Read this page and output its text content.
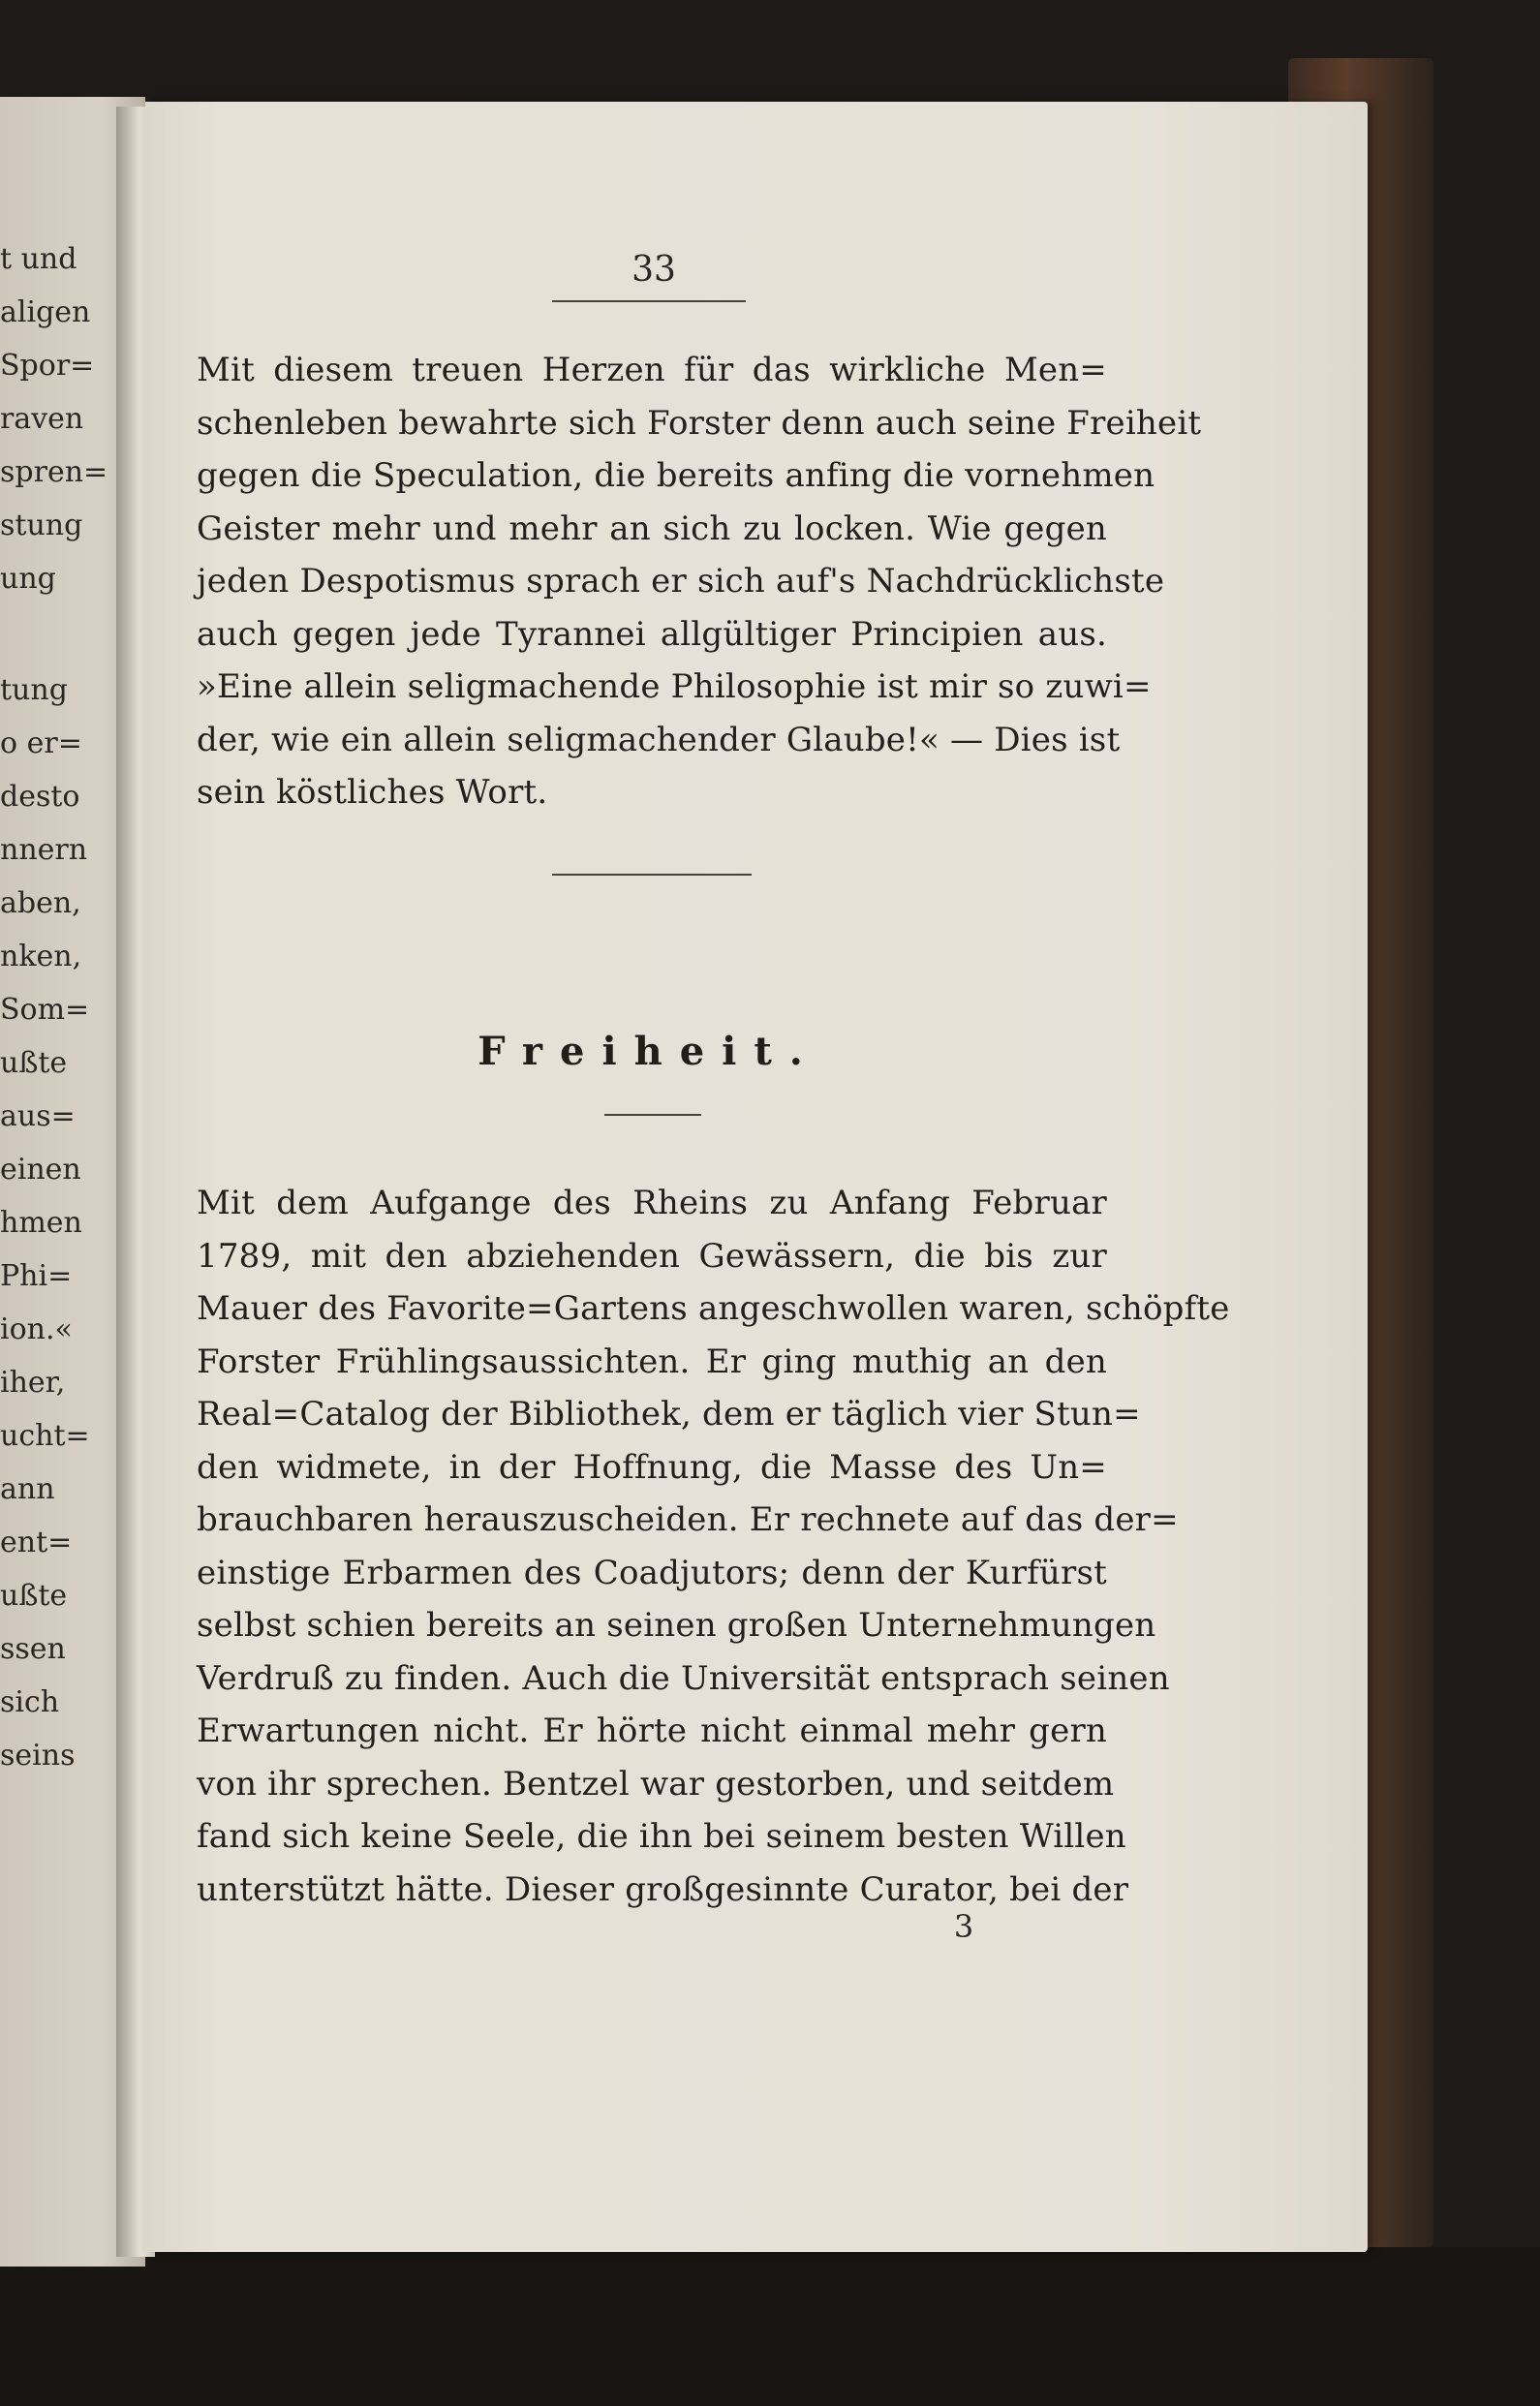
t und
aligen
Spor=
raven
spren=
stung
ung
tung
o er=
desto
nnern
aben,
nken,
Som=
ußte
aus=
einen
hmen
Phi=
ion.«
iher,
ucht=
ann
ent=
ußte
ssen
sich
seins
33
Mit diesem treuen Herzen für das wirkliche Men=
schenleben bewahrte sich Forster denn auch seine Freiheit
gegen die Speculation, die bereits anfing die vornehmen
Geister mehr und mehr an sich zu locken. Wie gegen
jeden Despotismus sprach er sich auf's Nachdrücklichste
auch gegen jede Tyrannei allgültiger Principien aus.
»Eine allein seligmachende Philosophie ist mir so zuwi=
der, wie ein allein seligmachender Glaube!« — Dies ist
sein köstliches Wort.
Freiheit.
Mit dem Aufgange des Rheins zu Anfang Februar
1789, mit den abziehenden Gewässern, die bis zur
Mauer des Favorite=Gartens angeschwollen waren, schöpfte
Forster Frühlingsaussichten. Er ging muthig an den
Real=Catalog der Bibliothek, dem er täglich vier Stun=
den widmete, in der Hoffnung, die Masse des Un=
brauchbaren herauszuscheiden. Er rechnete auf das der=
einstige Erbarmen des Coadjutors; denn der Kurfürst
selbst schien bereits an seinen großen Unternehmungen
Verdruß zu finden. Auch die Universität entsprach seinen
Erwartungen nicht. Er hörte nicht einmal mehr gern
von ihr sprechen. Bentzel war gestorben, und seitdem
fand sich keine Seele, die ihn bei seinem besten Willen
unterstützt hätte. Dieser großgesinnte Curator, bei der
3
